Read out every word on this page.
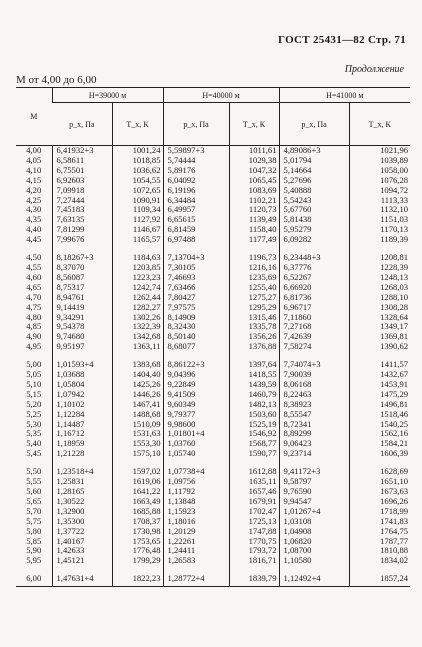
ГОСТ 25431—82 Стр. 71
Продолжение
М от 4,00 до 6,00
M	H=39000 м		H=40000 м		H=41000 м	
	p_x, Па	T_x, К	p_x, Па	T_x, К	p_x, Па	T_x, К
4,00	6,41932+3	1001,24	5,59897+3	1011,61	4,89086+3	1021,96
4,05	6,58611	1018,85	5,74444	1029,38	5,01794	1039,89
4,10	6,75501	1036,62	5,89176	1047,32	5,14664	1058,00
4,15	6,92603	1054,55	6,04092	1065,45	5,27696	1076,28
4,20	7,09918	1072,65	6,19196	1083,69	5,40888	1094,72
4,25	7,27444	1090,91	6,34484	1102,21	5,54243	1113,33
4,30	7,45183	1109,34	6,49957	1120,73	5,67760	1132,10
4,35	7,63135	1127,92	6,65615	1139,49	5,81438	1151,03
4,40	7,81299	1146,67	6,81459	1158,40	5,95279	1170,13
4,45	7,99676	1165,57	6,97488	1177,49	6,09282	1189,39

4,50	8,18267+3	1184,63	7,13704+3	1196,73	6,23448+3	1208,81
4,55	8,37070	1203,85	7,30105	1216,16	6,37776	1228,39
4,60	8,56087	1223,23	7,46693	1235,69	6,52267	1248,13
4,65	8,75317	1242,74	7,63466	1255,40	6,66920	1268,03
4,70	8,94761	1262,44	7,80427	1275,27	6,81736	1288,10
4,75	9,14419	1282,27	7,97575	1295,29	6,96717	1308,28
4,80	9,34291	1302,26	8,14909	1315,46	7,11860	1328,64
4,85	9,54378	1322,39	8,32430	1335,78	7,27168	1349,17
4,90	9,74680	1342,68	8,50140	1356,26	7,42639	1369,81
4,95	9,95197	1363,11	8,68077	1376,88	7,58274	1390,62

5,00	1,01593+4	1383,68	8,86122+3	1397,64	7,74074+3	1411,57
5,05	1,03688	1404,40	9,04396	1418,55	7,90039	1432,67
5,10	1,05804	1425,26	9,22849	1439,59	8,06168	1453,91
5,15	1,07942	1446,26	9,41509	1460,79	8,22463	1475,29
5,20	1,10102	1467,41	9,60349	1482,13	8,38923	1496,81
5,25	1,12284	1488,68	9,79377	1503,60	8,55547	1518,46
5,30	1,14487	1510,09	9,98600	1525,19	8,72341	1540,25
5,35	1,16712	1531,63	1,01801+4	1546,92	8,89299	1562,16
5,40	1,18959	1553,30	1,03760	1568,77	9,06423	1584,21
5,45	1,21228	1575,10	1,05740	1590,77	9,23714	1606,39

5,50	1,23518+4	1597,02	1,07738+4	1612,88	9,41172+3	1628,69
5,55	1,25831	1619,06	1,09756	1635,11	9,58797	1651,10
5,60	1,28165	1641,22	1,11792	1657,46	9,76590	1673,63
5,65	1,30522	1663,49	1,13848	1679,91	9,94547	1696,26
5,70	1,32900	1685,88	1,15923	1702,47	1,01267+4	1718,99
5,75	1,35300	1708,37	1,18016	1725,13	1,03108	1741,83
5,80	1,37722	1730,98	1,20129	1747,88	1,04908	1764,75
5,85	1,40167	1753,65	1,22261	1770,75	1,06820	1787,77
5,90	1,42633	1776,48	1,24411	1793,72	1,08700	1810,88
5,95	1,45121	1799,29	1,26583	1816,71	1,10580	1834,02

6,00	1,47631+4	1822,23	1,28772+4	1839,79	1,12492+4	1857,24
